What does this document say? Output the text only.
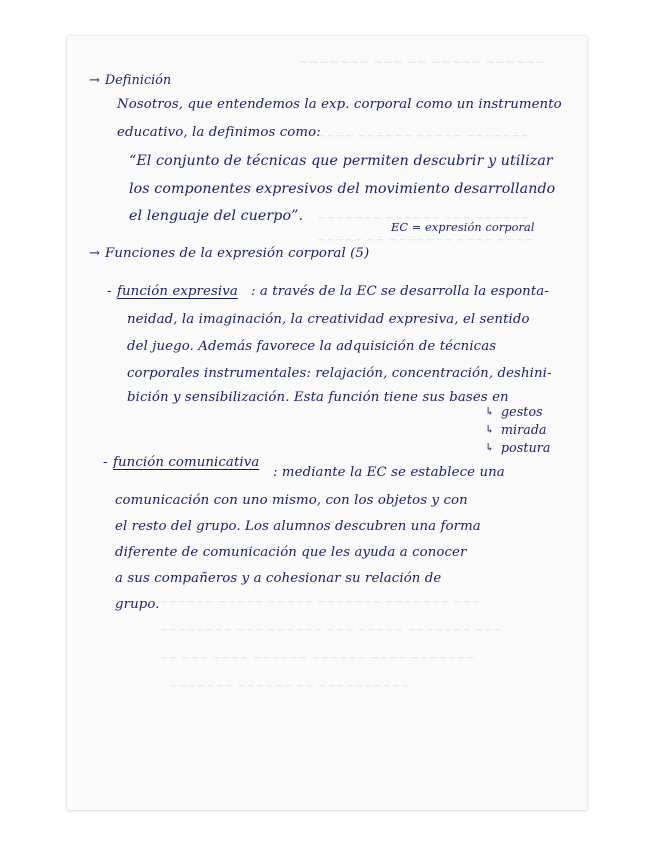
~~~~~~~ ~~~ ~~ ~~~~~ ~~~~~~
~~~~ ~~~~~~ ~~~~~ ~~~~~~~
~~~~~~~ ~~~~~~ ~~~ ~~~~~~
~~~~~ ~~ ~~~~~~~ ~~~~ ~~~~
~~~~~~ ~~~~~ ~~~~~ ~~~~~~~ ~~~~~~~ ~~~
~~~~~~~~ ~~~ ~~~~~~ ~~~ ~~~~~ ~~~~~~~ ~~~
~~ ~~~ ~~~~ ~~~~~~ ~~~~~~ ~~~~ ~~~~~~~
~~~~~~~ ~~~~~~ ~~ ~~~~~~~~~~
→ Definición
Nosotros, que entendemos la exp. corporal como un instrumento
educativo, la definimos como:
“El conjunto de técnicas que permiten descubrir y utilizar
los componentes expresivos del movimiento desarrollando
el lenguaje del cuerpo”.
EC = expresión corporal
→ Funciones de la expresión corporal (5)
- función expresiva : a través de la EC se desarrolla la esponta-
neidad, la imaginación, la creatividad expresiva, el sentido
del juego. Además favorece la adquisición de técnicas
corporales instrumentales: relajación, concentración, deshini-
bición y sensibilización. Esta función tiene sus bases en
↳ gestos
↳ mirada
↳ postura
- función comunicativa
: mediante la EC se establece una
comunicación con uno mismo, con los objetos y con
el resto del grupo. Los alumnos descubren una forma
diferente de comunicación que les ayuda a conocer
a sus compañeros y a cohesionar su relación de
grupo.
